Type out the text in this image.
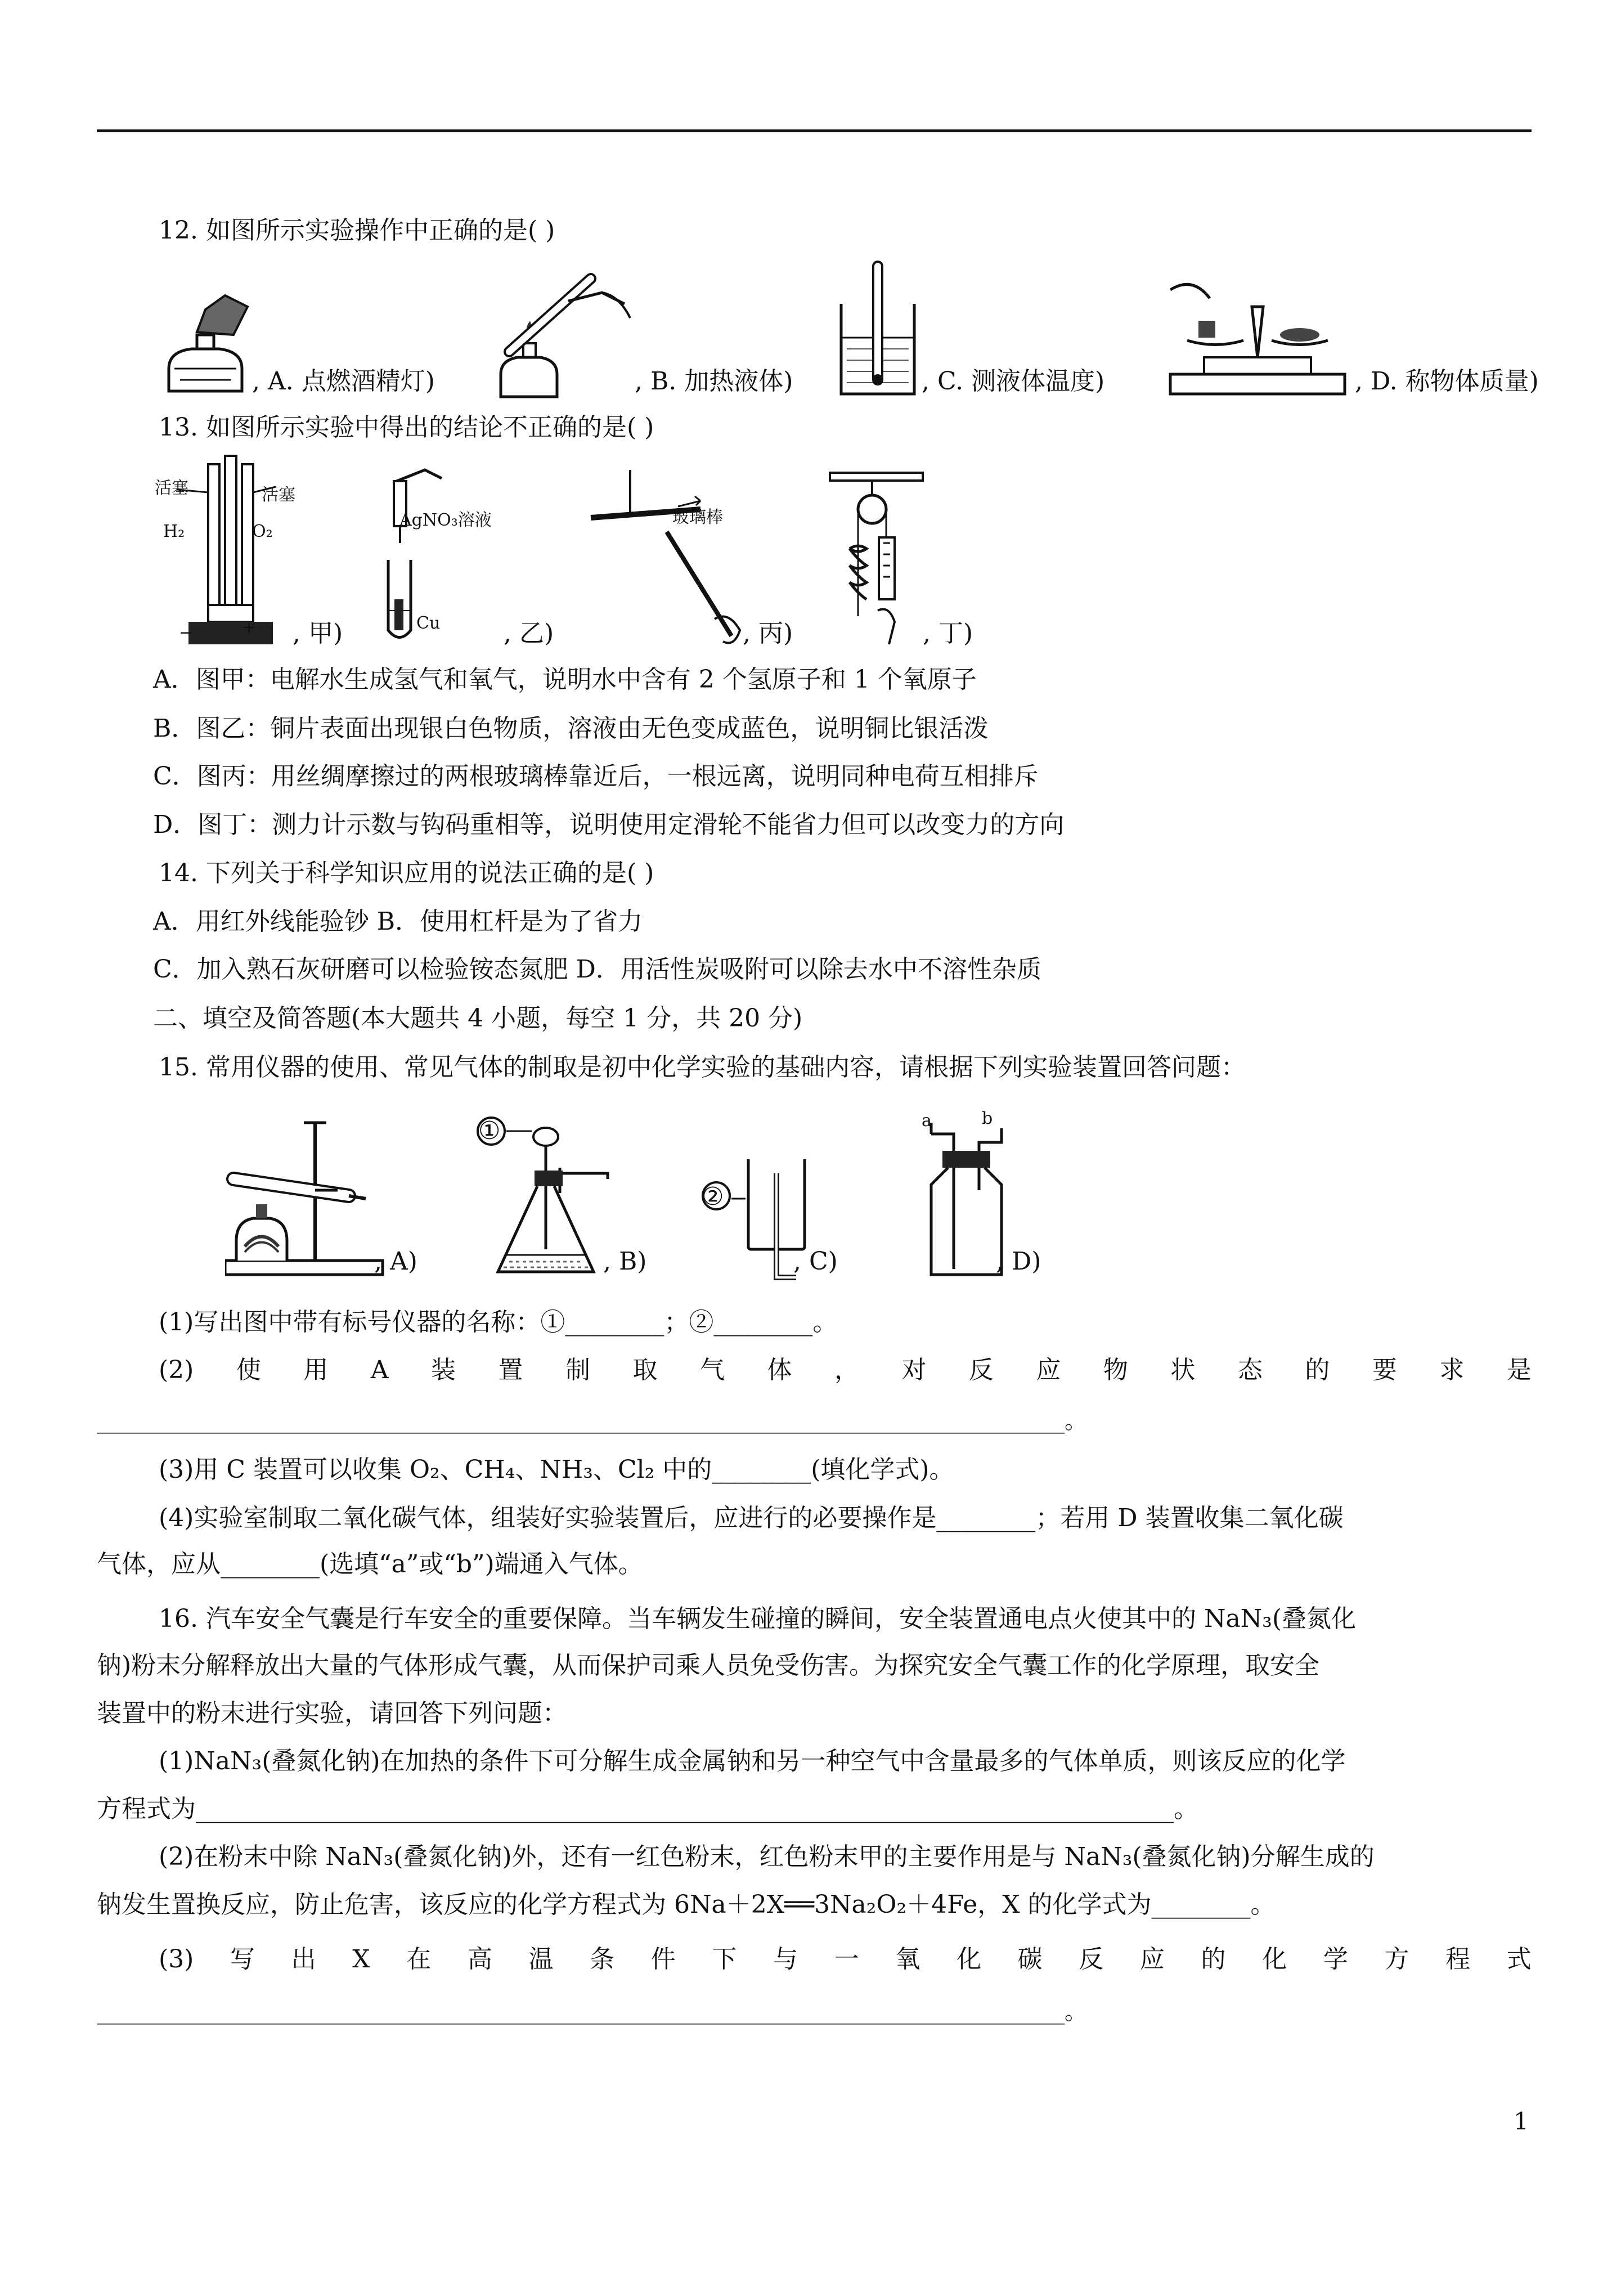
12. 如图所示实验操作中正确的是( )
, A. 点燃酒精灯)	, B. 加热液体)	, C. 测液体温度)	, D. 称物体质量)
13. 如图所示实验中得出的结论不正确的是( )
活塞	活塞
H₂	O₂
−	+ , 甲)
AgNO₃溶液
Cu	, 乙)
玻璃棒
, 丙)	, 丁)
A．图甲：电解水生成氢气和氧气，说明水中含有 2 个氢原子和 1 个氧原子
B．图乙：铜片表面出现银白色物质，溶液由无色变成蓝色，说明铜比银活泼
C．图丙：用丝绸摩擦过的两根玻璃棒靠近后，一根远离，说明同种电荷互相排斥
D．图丁：测力计示数与钩码重相等，说明使用定滑轮不能省力但可以改变力的方向
14. 下列关于科学知识应用的说法正确的是( )
A．用红外线能验钞 B．使用杠杆是为了省力
C．加入熟石灰研磨可以检验铵态氮肥 D．用活性炭吸附可以除去水中不溶性杂质
二、填空及简答题(本大题共 4 小题，每空 1 分，共 20 分)
15. 常用仪器的使用、常见气体的制取是初中化学实验的基础内容，请根据下列实验装置回答问题：
, A)	, B)	, C)
a	b
, D)
①
②
(1)写出图中带有标号仪器的名称：①________；②________。
(2) 使 用 A 装 置 制 取 气 体 ， 对 反 应 物 状 态 的 要 求 是
______________________________________________________________________________________。
(3)用 C 装置可以收集 O₂、CH₄、NH₃、Cl₂ 中的________(填化学式)。
(4)实验室制取二氧化碳气体，组装好实验装置后，应进行的必要操作是________；若用 D 装置收集二氧化碳
气体，应从________(选填“a”或“b”)端通入气体。
16. 汽车安全气囊是行车安全的重要保障。当车辆发生碰撞的瞬间，安全装置通电点火使其中的 NaN₃(叠氮化
钠)粉末分解释放出大量的气体形成气囊，从而保护司乘人员免受伤害。为探究安全气囊工作的化学原理，取安全
装置中的粉末进行实验，请回答下列问题：
(1)NaN₃(叠氮化钠)在加热的条件下可分解生成金属钠和另一种空气中含量最多的气体单质，则该反应的化学
方程式为_______________________________________________________________________________。
(2)在粉末中除 NaN₃(叠氮化钠)外，还有一红色粉末，红色粉末甲的主要作用是与 NaN₃(叠氮化钠)分解生成的
钠发生置换反应，防止危害，该反应的化学方程式为 6Na＋2X══3Na₂O₂＋4Fe，X 的化学式为________。
(3) 写 出 X 在 高 温 条 件 下 与 一 氧 化 碳 反 应 的 化 学 方 程 式
______________________________________________________________________________________。
1
